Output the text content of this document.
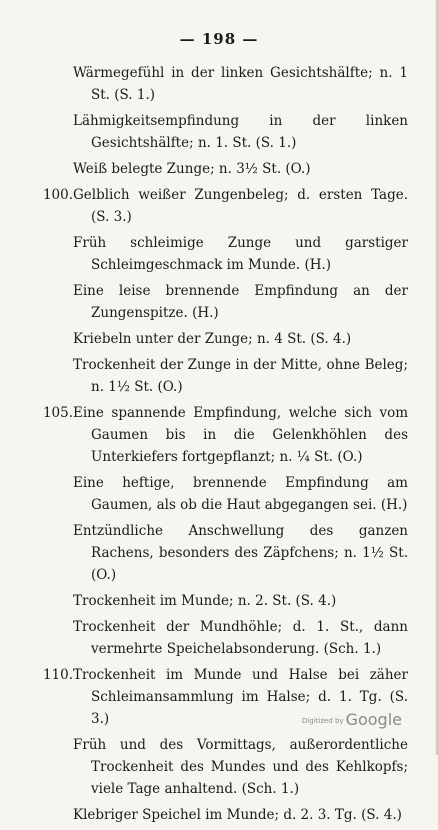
— 198 —
Wärmegefühl in der linken Gesichtshälfte; n. 1 St. (S. 1.)
Lähmigkeitsempfindung in der linken Gesichtshälfte; n. 1. St. (S. 1.)
Weiß belegte Zunge; n. 3½ St. (O.)
100. Gelblich weißer Zungenbeleg; d. ersten Tage. (S. 3.)
Früh schleimige Zunge und garstiger Schleimgeschmack im Munde. (H.)
Eine leise brennende Empfindung an der Zungenspitze. (H.)
Kriebeln unter der Zunge; n. 4 St. (S. 4.)
Trockenheit der Zunge in der Mitte, ohne Beleg; n. 1½ St. (O.)
105. Eine spannende Empfindung, welche sich vom Gaumen bis in die Gelenkhöhlen des Unterkiefers fortgepflanzt; n. ¼ St. (O.)
Eine heftige, brennende Empfindung am Gaumen, als ob die Haut abgegangen sei. (H.)
Entzündliche Anschwellung des ganzen Rachens, besonders des Zäpfchens; n. 1½ St. (O.)
Trockenheit im Munde; n. 2. St. (S. 4.)
Trockenheit der Mundhöhle; d. 1. St., dann vermehrte Speichelabsonderung. (Sch. 1.)
110. Trockenheit im Munde und Halse bei zäher Schleimansammlung im Halse; d. 1. Tg. (S. 3.)
Früh und des Vormittags, außerordentliche Trockenheit des Mundes und des Kehlkopfs; viele Tage anhaltend. (Sch. 1.)
Klebriger Speichel im Munde; d. 2. 3. Tg. (S. 4.)
Digitized by Google
